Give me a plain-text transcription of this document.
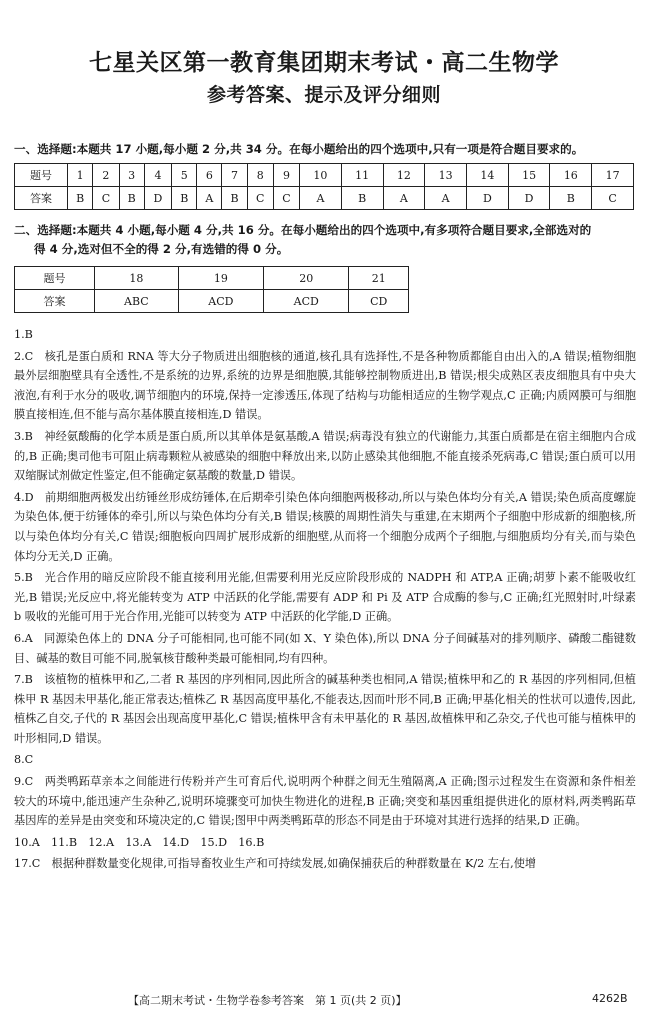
七星关区第一教育集团期末考试・高二生物学
参考答案、提示及评分细则
一、选择题:本题共 17 小题,每小题 2 分,共 34 分。在每小题给出的四个选项中,只有一项是符合题目要求的。
题号	1	2	3	4	5	6	7	8	9	10	11	12	13	14	15	16	17
答案	B	C	B	D	B	A	B	C	C	A	B	A	A	D	D	B	C
二、选择题:本题共 4 小题,每小题 4 分,共 16 分。在每小题给出的四个选项中,有多项符合题目要求,全部选对的
得 4 分,选对但不全的得 2 分,有选错的得 0 分。
题号	18	19	20	21
答案	ABC	ACD	ACD	CD
1.B
2.C　核孔是蛋白质和 RNA 等大分子物质进出细胞核的通道,核孔具有选择性,不是各种物质都能自由出入的,A 错误;植物细胞最外层细胞壁具有全透性,不是系统的边界,系统的边界是细胞膜,其能够控制物质进出,B 错误;根尖成熟区表皮细胞具有中央大液泡,有利于水分的吸收,调节细胞内的环境,保持一定渗透压,体现了结构与功能相适应的生物学观点,C 正确;内质网膜可与细胞膜直接相连,但不能与高尔基体膜直接相连,D 错误。
3.B　神经氨酸酶的化学本质是蛋白质,所以其单体是氨基酸,A 错误;病毒没有独立的代谢能力,其蛋白质都是在宿主细胞内合成的,B 正确;奥司他韦可阻止病毒颗粒从被感染的细胞中释放出来,以防止感染其他细胞,不能直接杀死病毒,C 错误;蛋白质可以用双缩脲试剂做定性鉴定,但不能确定氨基酸的数量,D 错误。
4.D　前期细胞两极发出纺锤丝形成纺锤体,在后期牵引染色体向细胞两极移动,所以与染色体均分有关,A 错误;染色质高度螺旋为染色体,便于纺锤体的牵引,所以与染色体均分有关,B 错误;核膜的周期性消失与重建,在末期两个子细胞中形成新的细胞核,所以与染色体均分有关,C 错误;细胞板向四周扩展形成新的细胞壁,从而将一个细胞分成两个子细胞,与细胞质均分有关,而与染色体均分无关,D 正确。
5.B　光合作用的暗反应阶段不能直接利用光能,但需要利用光反应阶段形成的 NADPH 和 ATP,A 正确;胡萝卜素不能吸收红光,B 错误;光反应中,将光能转变为 ATP 中活跃的化学能,需要有 ADP 和 Pi 及 ATP 合成酶的参与,C 正确;红光照射时,叶绿素 b 吸收的光能可用于光合作用,光能可以转变为 ATP 中活跃的化学能,D 正确。
6.A　同源染色体上的 DNA 分子可能相同,也可能不同(如 X、Y 染色体),所以 DNA 分子间碱基对的排列顺序、磷酸二酯键数目、碱基的数目可能不同,脱氧核苷酸种类最可能相同,均有四种。
7.B　该植物的植株甲和乙,二者 R 基因的序列相同,因此所含的碱基种类也相同,A 错误;植株甲和乙的 R 基因的序列相同,但植株甲 R 基因未甲基化,能正常表达;植株乙 R 基因高度甲基化,不能表达,因而叶形不同,B 正确;甲基化相关的性状可以遗传,因此,植株乙自交,子代的 R 基因会出现高度甲基化,C 错误;植株甲含有未甲基化的 R 基因,故植株甲和乙杂交,子代也可能与植株甲的叶形相同,D 错误。
8.C
9.C　两类鸭跖草亲本之间能进行传粉并产生可育后代,说明两个种群之间无生殖隔离,A 正确;图示过程发生在资源和条件相差较大的环境中,能迅速产生杂种乙,说明环境骤变可加快生物进化的进程,B 正确;突变和基因重组提供进化的原材料,两类鸭跖草基因库的差异是由突变和环境决定的,C 错误;图甲中两类鸭跖草的形态不同是由于环境对其进行选择的结果,D 正确。
10.A　11.B　12.A　13.A　14.D　15.D　16.B
17.C　根据种群数量变化规律,可指导畜牧业生产和可持续发展,如确保捕获后的种群数量在 K/2 左右,使增
【高二期末考试・生物学卷参考答案　第 1 页(共 2 页)】	4262B
